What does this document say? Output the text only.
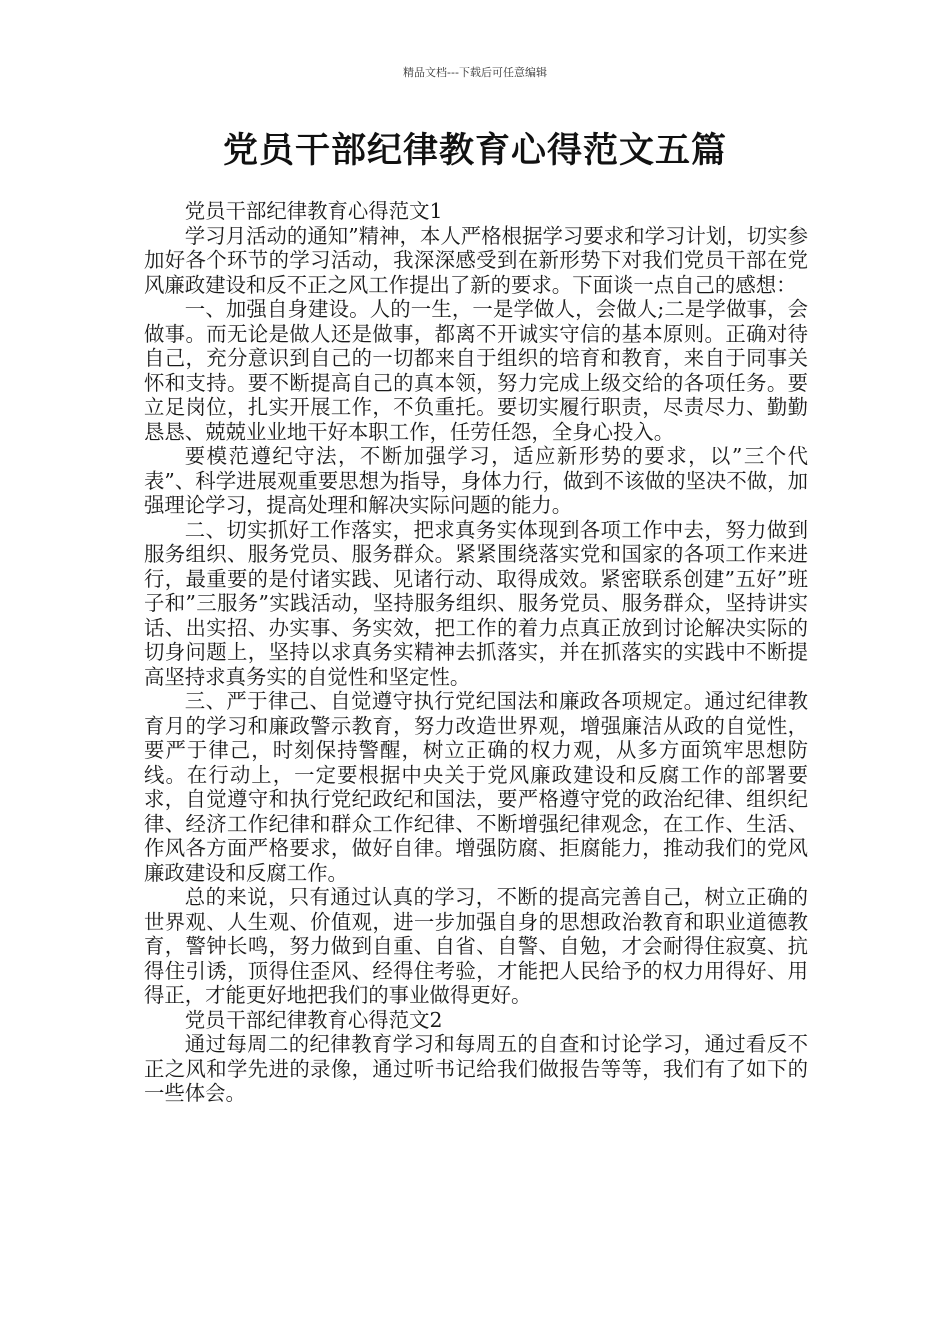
精品文档---下载后可任意编辑
党员干部纪律教育心得范文五篇

党员干部纪律教育心得范文1

学习月活动的通知”精神，本人严格根据学习要求和学习计划，切实参加好各个环节的学习活动，我深深感受到在新形势下对我们党员干部在党风廉政建设和反不正之风工作提出了新的要求。下面谈一点自己的感想：

一、加强自身建设。人的一生，一是学做人，会做人;二是学做事，会做事。而无论是做人还是做事，都离不开诚实守信的基本原则。正确对待自己，充分意识到自己的一切都来自于组织的培育和教育，来自于同事关怀和支持。要不断提高自己的真本领，努力完成上级交给的各项任务。要立足岗位，扎实开展工作，不负重托。要切实履行职责，尽责尽力、勤勤恳恳、兢兢业业地干好本职工作，任劳任怨，全身心投入。

要模范遵纪守法，不断加强学习，适应新形势的要求，以”三个代表”、科学进展观重要思想为指导，身体力行，做到不该做的坚决不做，加强理论学习，提高处理和解决实际问题的能力。

二、切实抓好工作落实，把求真务实体现到各项工作中去，努力做到服务组织、服务党员、服务群众。紧紧围绕落实党和国家的各项工作来进行，最重要的是付诸实践、见诸行动、取得成效。紧密联系创建”五好”班子和”三服务”实践活动，坚持服务组织、服务党员、服务群众，坚持讲实话、出实招、办实事、务实效，把工作的着力点真正放到讨论解决实际的切身问题上，坚持以求真务实精神去抓落实，并在抓落实的实践中不断提高坚持求真务实的自觉性和坚定性。

三、严于律己、自觉遵守执行党纪国法和廉政各项规定。通过纪律教育月的学习和廉政警示教育，努力改造世界观，增强廉洁从政的自觉性，要严于律己，时刻保持警醒，树立正确的权力观，从多方面筑牢思想防线。在行动上，一定要根据中央关于党风廉政建设和反腐工作的部署要求，自觉遵守和执行党纪政纪和国法，要严格遵守党的政治纪律、组织纪律、经济工作纪律和群众工作纪律、不断增强纪律观念，在工作、生活、作风各方面严格要求，做好自律。增强防腐、拒腐能力，推动我们的党风廉政建设和反腐工作。

总的来说，只有通过认真的学习，不断的提高完善自己，树立正确的世界观、人生观、价值观，进一步加强自身的思想政治教育和职业道德教育，警钟长鸣，努力做到自重、自省、自警、自勉，才会耐得住寂寞、抗得住引诱，顶得住歪风、经得住考验，才能把人民给予的权力用得好、用得正，才能更好地把我们的事业做得更好。

党员干部纪律教育心得范文2

通过每周二的纪律教育学习和每周五的自查和讨论学习，通过看反不正之风和学先进的录像，通过听书记给我们做报告等等，我们有了如下的一些体会。
